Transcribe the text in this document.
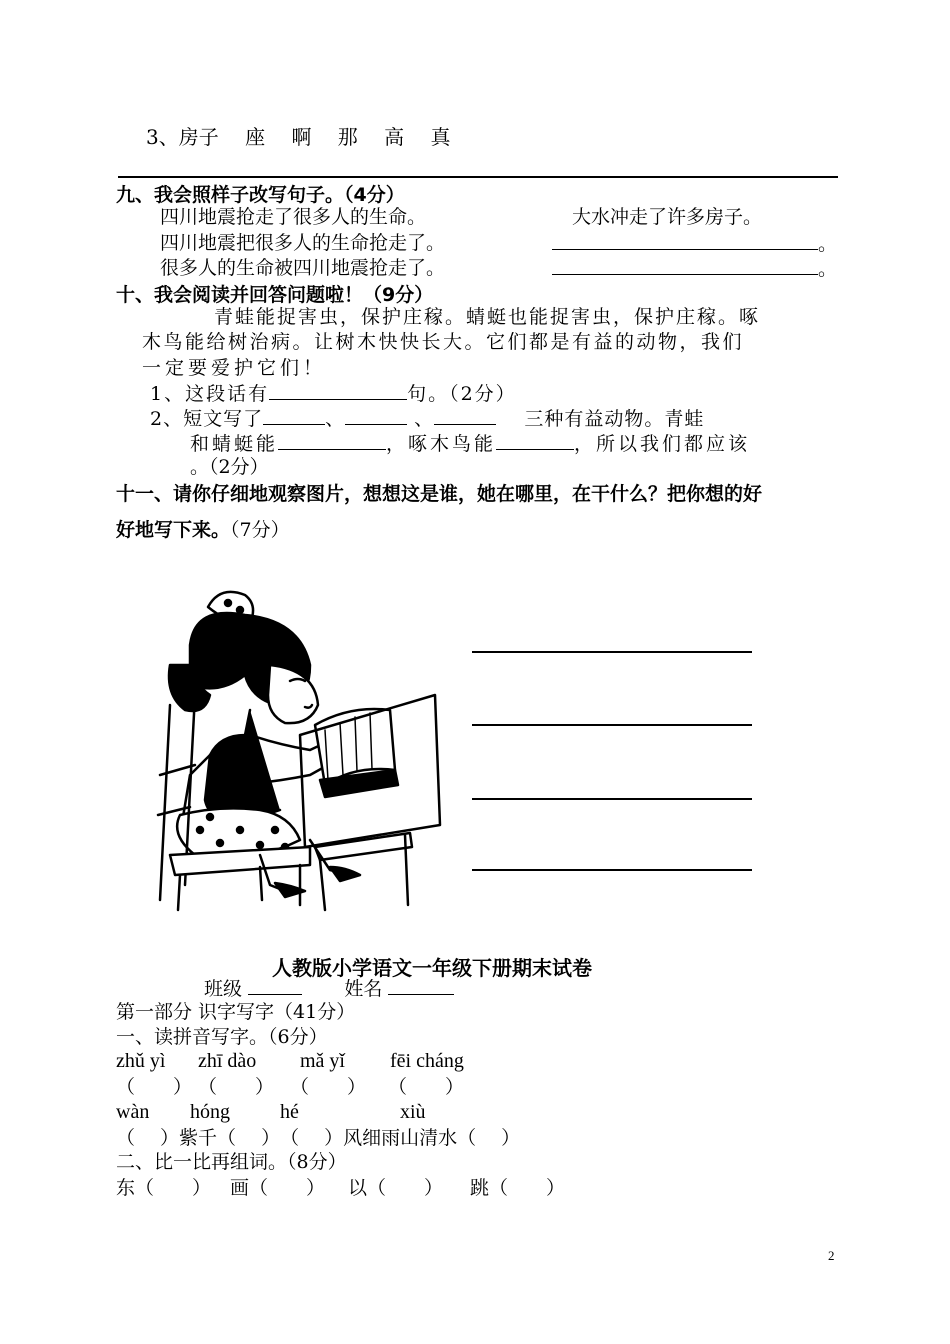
3、房子　 座　 啊　 那　 高　 真
九、我会照样子改写句子。（4分）
四川地震抢走了很多人的生命。	大水冲走了许多房子。
四川地震把很多人的生命抢走了。	。
很多人的生命被四川地震抢走了。	。
十、我会阅读并回答问题啦！（9分）
青蛙能捉害虫，保护庄稼。蜻蜓也能捉害虫，保护庄稼。啄
木鸟能给树治病。让树木快快长大。它们都是有益的动物，我们
一定要爱护它们！
1、这段话有	句。（2分）
2、短文写了	、	、	三种有益动物。青蛙
和蜻蜓能	，啄木鸟能	，所以我们都应该
。（2分）
十一、请你仔细地观察图片，想想这是谁，她在哪里，在干什么？把你想的好
好地写下来。（7分）
人教版小学语文一年级下册期末试卷
班级	姓名
第一部分 识字写字（41分）
一、读拼音写字。（6分）
zhǔ yì zhī dào mǎ yǐ fēi cháng
（　　） （　　） （　　） （　　）
wàn hóng	hé	xiù
（　 ）紫千（　 ）　（　 ）风细雨山清水（　 ）
二、比一比再组词。（8分）
东（　　） 画（　　） 以（　　） 跳（　　）
2
